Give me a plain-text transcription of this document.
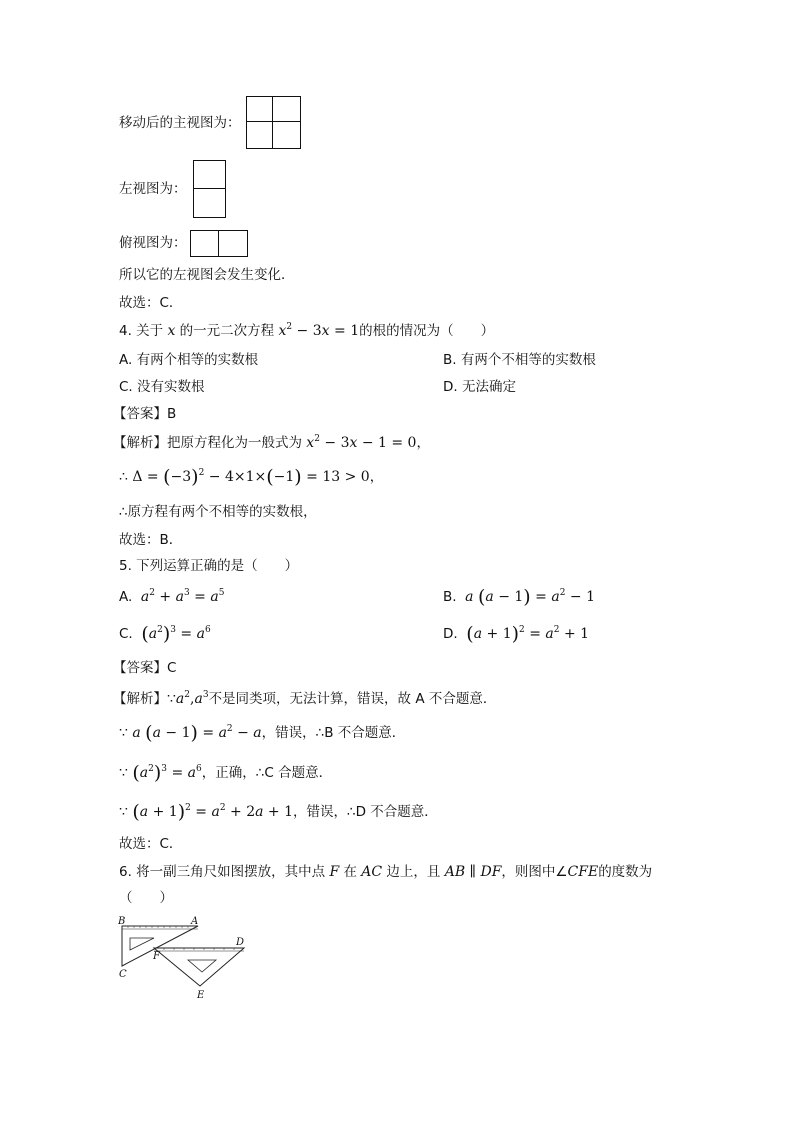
移动后的主视图为：
左视图为：
俯视图为：
所以它的左视图会发生变化．
故选：C．
4. 关于 x 的一元二次方程 $x^2 - 3x = 1$的根的情况为（　　）
A. 有两个相等的实数根	B. 有两个不相等的实数根
C. 没有实数根	D. 无法确定
【答案】B
【解析】把原方程化为一般式为 $x^2 - 3x - 1 = 0$，
∴ $\Delta = (-3)^2 - 4\times 1\times(-1) = 13 > 0$，
∴原方程有两个不相等的实数根，
故选：B．
5. 下列运算正确的是（　　）
A. $a^2 + a^3 = a^5$	B. a $(a - 1) = a^2 - 1$
C. $(a^2)^3 = a^6$	D. $(a + 1)^2 = a^2 + 1$
【答案】C
【解析】$\because a^2,a^3$不是同类项，无法计算，错误，故 A 不合题意．
∵ a $(a - 1) = a^2 - a$，错误，∴B 不合题意．
∵ $(a^2)^3 = a^6$，正确，∴C 合题意．
∵ $(a + 1)^2 = a^2 + 2a + 1$，错误，∴D 不合题意．
故选：C．
6. 将一副三角尺如图摆放，其中点 F 在 AC 边上，且 AB ∥ DF，则图中∠CFE的度数为
（　　）
B	A
C
F
D
E
